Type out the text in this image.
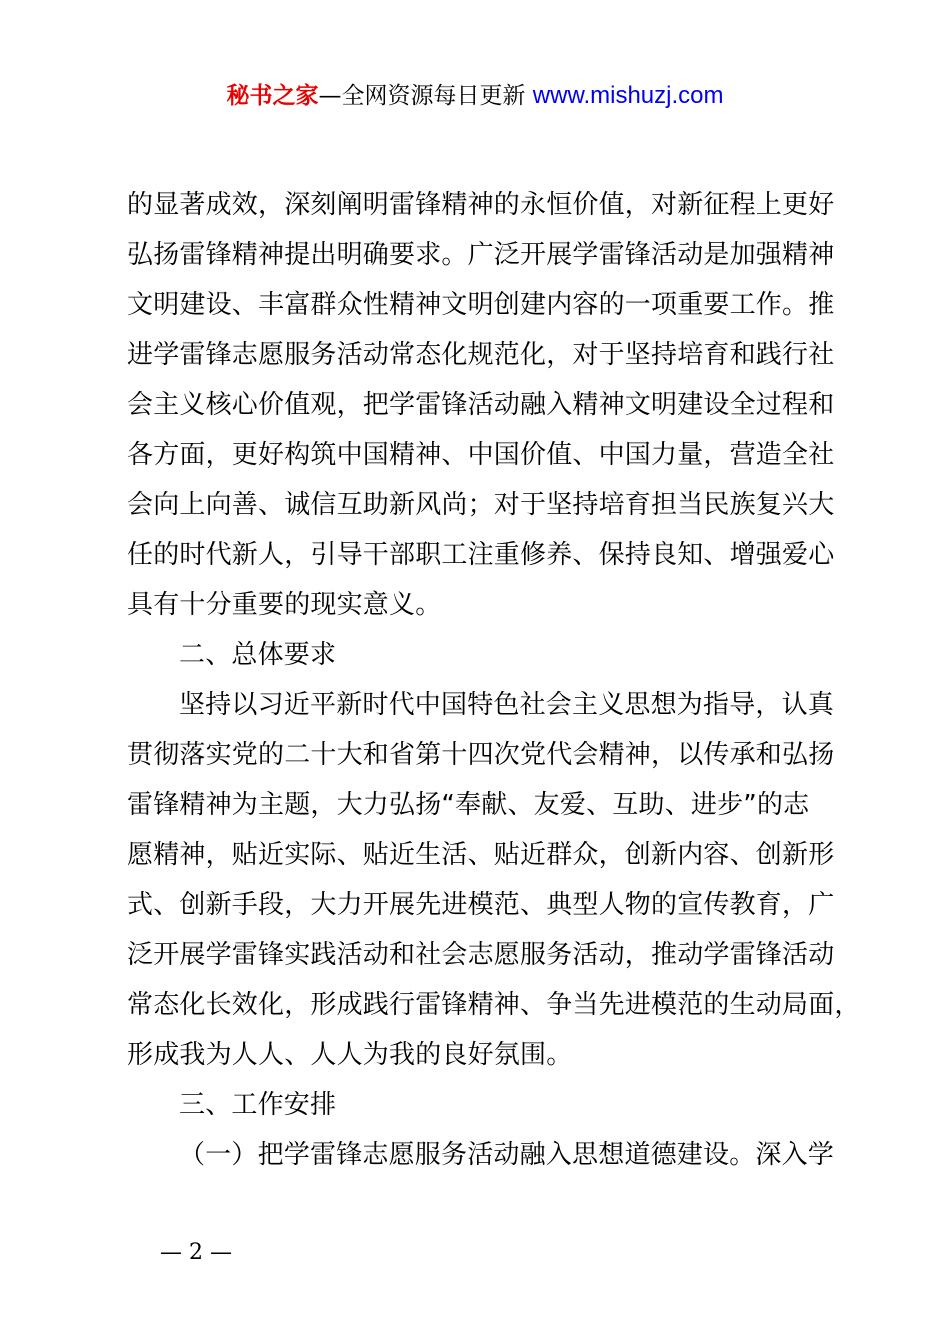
秘书之家—全网资源每日更新 www.mishuzj.com
的显著成效，深刻阐明雷锋精神的永恒价值，对新征程上更好
弘扬雷锋精神提出明确要求。广泛开展学雷锋活动是加强精神
文明建设、丰富群众性精神文明创建内容的一项重要工作。推
进学雷锋志愿服务活动常态化规范化，对于坚持培育和践行社
会主义核心价值观，把学雷锋活动融入精神文明建设全过程和
各方面，更好构筑中国精神、中国价值、中国力量，营造全社
会向上向善、诚信互助新风尚；对于坚持培育担当民族复兴大
任的时代新人，引导干部职工注重修养、保持良知、增强爱心
具有十分重要的现实意义。
二、总体要求
坚持以习近平新时代中国特色社会主义思想为指导，认真
贯彻落实党的二十大和省第十四次党代会精神，以传承和弘扬
雷锋精神为主题，大力弘扬“奉献、友爱、互助、进步”的志
愿精神，贴近实际、贴近生活、贴近群众，创新内容、创新形
式、创新手段，大力开展先进模范、典型人物的宣传教育，广
泛开展学雷锋实践活动和社会志愿服务活动，推动学雷锋活动
常态化长效化，形成践行雷锋精神、争当先进模范的生动局面，
形成我为人人、人人为我的良好氛围。
三、工作安排
（一）把学雷锋志愿服务活动融入思想道德建设。深入学
— 2 —
